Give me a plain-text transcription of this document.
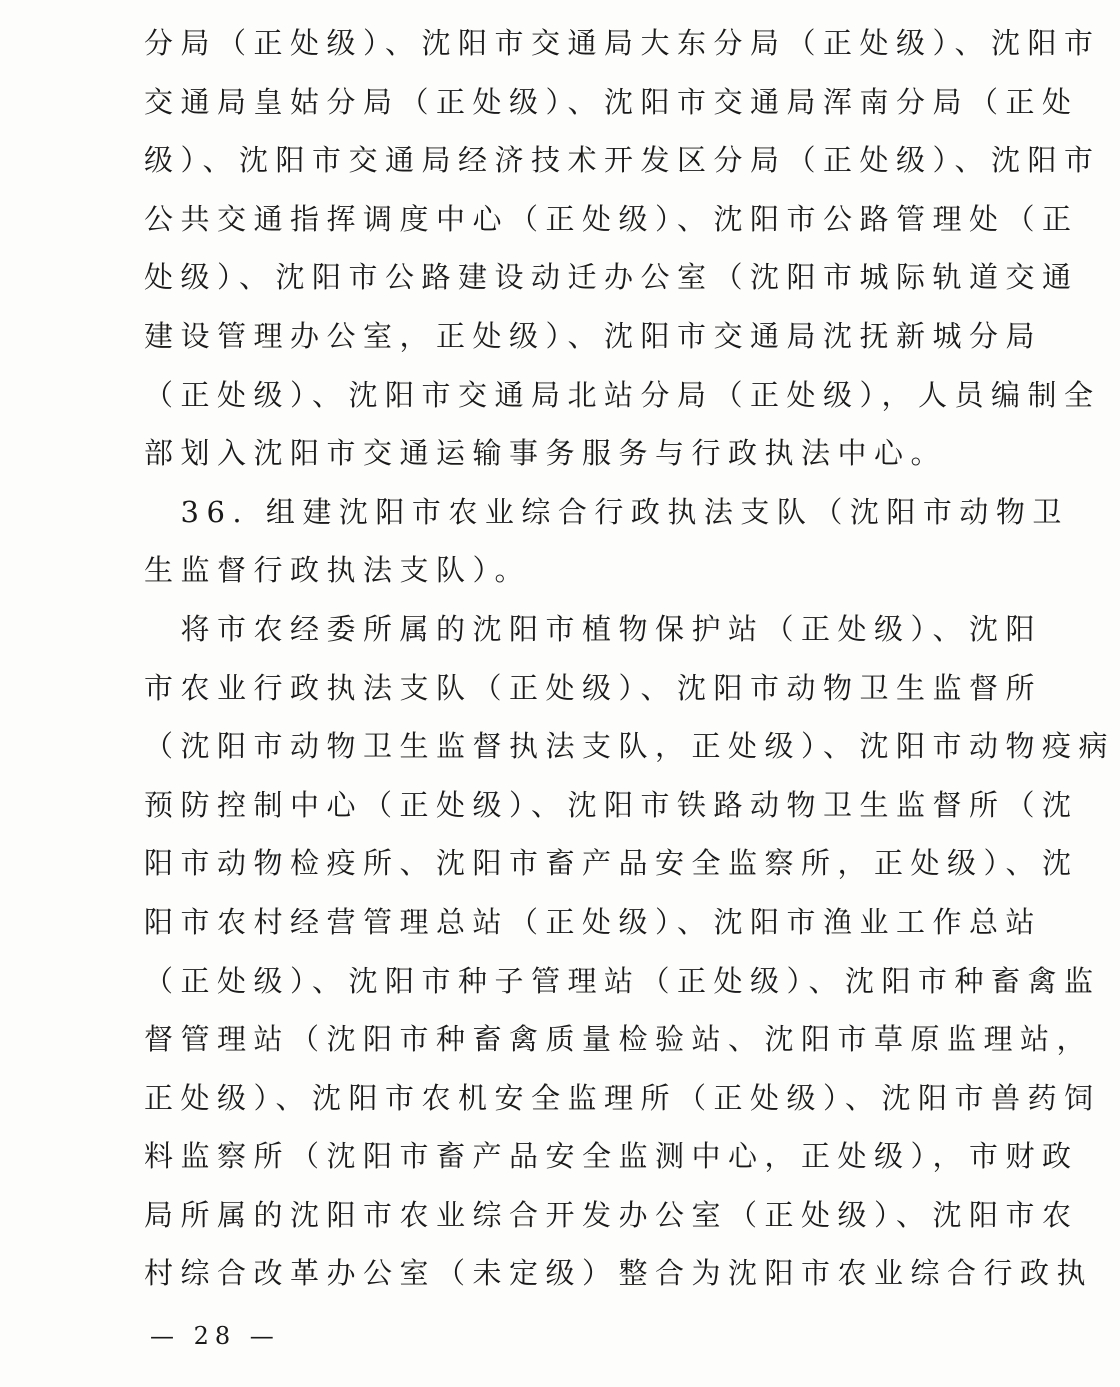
分局（正处级）、沈阳市交通局大东分局（正处级）、沈阳市
交通局皇姑分局（正处级）、沈阳市交通局浑南分局（正处
级）、沈阳市交通局经济技术开发区分局（正处级）、沈阳市
公共交通指挥调度中心（正处级）、沈阳市公路管理处（正
处级）、沈阳市公路建设动迁办公室（沈阳市城际轨道交通
建设管理办公室，正处级）、沈阳市交通局沈抚新城分局
（正处级）、沈阳市交通局北站分局（正处级），人员编制全
部划入沈阳市交通运输事务服务与行政执法中心。
　36. 组建沈阳市农业综合行政执法支队（沈阳市动物卫
生监督行政执法支队）。
　将市农经委所属的沈阳市植物保护站（正处级）、沈阳
市农业行政执法支队（正处级）、沈阳市动物卫生监督所
（沈阳市动物卫生监督执法支队，正处级）、沈阳市动物疫病
预防控制中心（正处级）、沈阳市铁路动物卫生监督所（沈
阳市动物检疫所、沈阳市畜产品安全监察所，正处级）、沈
阳市农村经营管理总站（正处级）、沈阳市渔业工作总站
（正处级）、沈阳市种子管理站（正处级）、沈阳市种畜禽监
督管理站（沈阳市种畜禽质量检验站、沈阳市草原监理站，
正处级）、沈阳市农机安全监理所（正处级）、沈阳市兽药饲
料监察所（沈阳市畜产品安全监测中心，正处级），市财政
局所属的沈阳市农业综合开发办公室（正处级）、沈阳市农
村综合改革办公室（未定级）整合为沈阳市农业综合行政执
— 28 —
